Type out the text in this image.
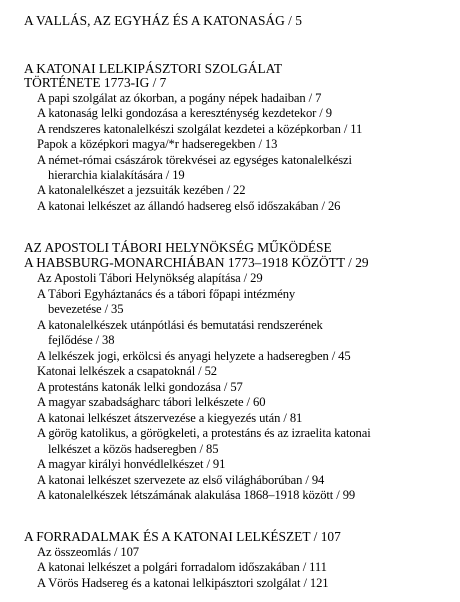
A VALLÁS, AZ EGYHÁZ ÉS A KATONASÁG / 5
A KATONAI LELKIPÁSZTORI SZOLGÁLAT
TÖRTÉNETE 1773-IG / 7
A papi szolgálat az ókorban, a pogány népek hadaiban / 7
A katonaság lelki gondozása a kereszténység kezdetekor / 9
A rendszeres katonalelkészi szolgálat kezdetei a középkorban / 11
Papok a középkori magya/*r hadseregekben / 13
A német-római császárok törekvései az egységes katonalelkészi
hierarchia kialakítására / 19
A katonalelkészet a jezsuiták kezében / 22
A katonai lelkészet az állandó hadsereg első időszakában / 26
AZ APOSTOLI TÁBORI HELYNÖKSÉG MŰKÖDÉSE
A HABSBURG-MONARCHIÁBAN 1773–1918 KÖZÖTT / 29
Az Apostoli Tábori Helynökség alapítása / 29
A Tábori Egyháztanács és a tábori főpapi intézmény
bevezetése / 35
A katonalelkészek utánpótlási és bemutatási rendszerének
fejlődése / 38
A lelkészek jogi, erkölcsi és anyagi helyzete a hadseregben / 45
Katonai lelkészek a csapatoknál / 52
A protestáns katonák lelki gondozása / 57
A magyar szabadságharc tábori lelkészete / 60
A katonai lelkészet átszervezése a kiegyezés után / 81
A görög katolikus, a görögkeleti, a protestáns és az izraelita katonai
lelkészet a közös hadseregben / 85
A magyar királyi honvédlelkészet / 91
A katonai lelkészet szervezete az első világháborúban / 94
A katonalelkészek létszámának alakulása 1868–1918 között / 99
A FORRADALMAK ÉS A KATONAI LELKÉSZET / 107
Az összeomlás / 107
A katonai lelkészet a polgári forradalom időszakában / 111
A Vörös Hadsereg és a katonai lelkipásztori szolgálat / 121
